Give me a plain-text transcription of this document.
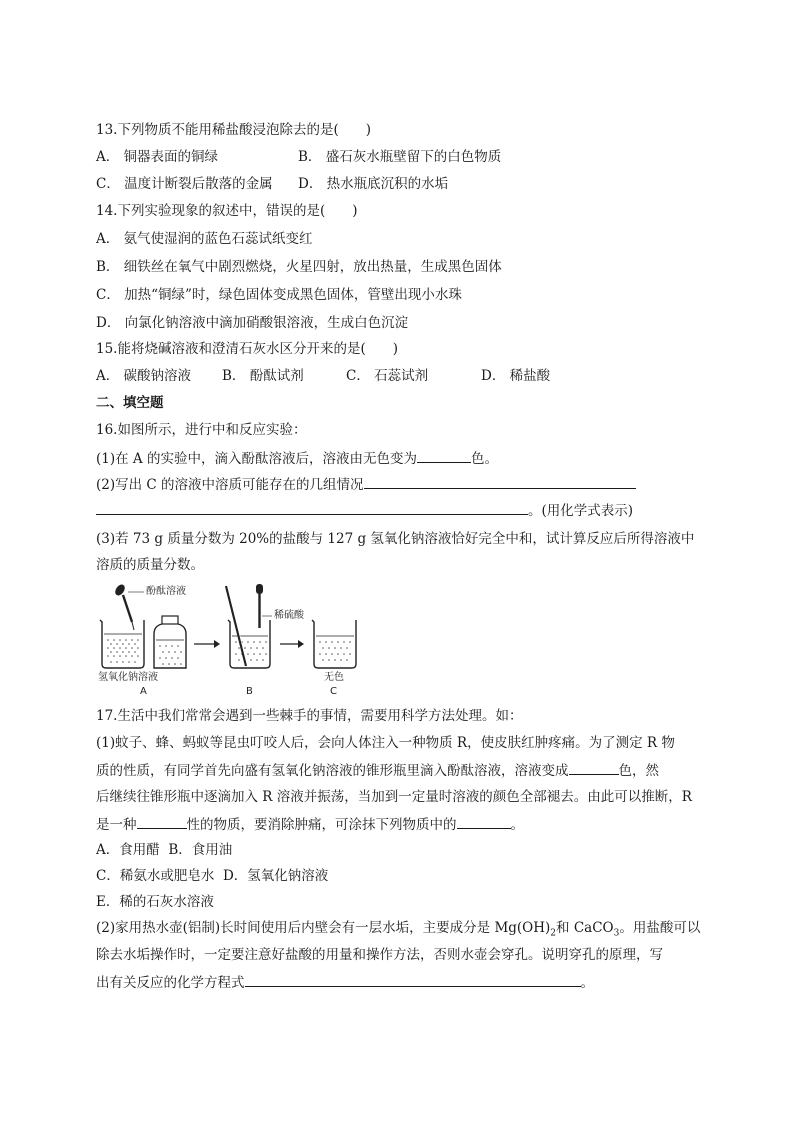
13.下列物质不能用稀盐酸浸泡除去的是(　　)
A． 铜器表面的铜绿	B． 盛石灰水瓶壁留下的白色物质
C． 温度计断裂后散落的金属 D． 热水瓶底沉积的水垢
14.下列实验现象的叙述中，错误的是(　　)
A． 氨气使湿润的蓝色石蕊试纸变红
B． 细铁丝在氧气中剧烈燃烧，火星四射，放出热量，生成黑色固体
C． 加热“铜绿”时，绿色固体变成黑色固体，管壁出现小水珠
D． 向氯化钠溶液中滴加硝酸银溶液，生成白色沉淀
15.能将烧碱溶液和澄清石灰水区分开来的是(　　)
A． 碳酸钠溶液 B． 酚酞试剂	C． 石蕊试剂	D． 稀盐酸
二、填空题
16.如图所示，进行中和反应实验：
(1)在 A 的实验中，滴入酚酞溶液后，溶液由无色变为	色。
(2)写出 C 的溶液中溶质可能存在的几组情况
。(用化学式表示)
(3)若 73 g 质量分数为 20%的盐酸与 127 g 氢氧化钠溶液恰好完全中和，试计算反应后所得溶液中
溶质的质量分数。
酚酞溶液
稀硫酸
氢氧化钠溶液	无色
A	B	C
17.生活中我们常常会遇到一些棘手的事情，需要用科学方法处理。如：
(1)蚊子、蜂、蚂蚁等昆虫叮咬人后，会向人体注入一种物质 R，使皮肤红肿疼痛。为了测定 R 物
质的性质，有同学首先向盛有氢氧化钠溶液的锥形瓶里滴入酚酞溶液，溶液变成	色，然
后继续往锥形瓶中逐滴加入 R 溶液并振荡，当加到一定量时溶液的颜色全部褪去。由此可以推断，R
是一种	性的物质，要消除肿痛，可涂抹下列物质中的	。
A．食用醋 B．食用油
C．稀氨水或肥皂水 D．氢氧化钠溶液
E．稀的石灰水溶液
(2)家用热水壶(铝制)长时间使用后内壁会有一层水垢，主要成分是 $Mg(OH)_2$和 CaCO$_3$。用盐酸可以
除去水垢操作时，一定要注意好盐酸的用量和操作方法，否则水壶会穿孔。说明穿孔的原理，写
出有关反应的化学方程式	。
